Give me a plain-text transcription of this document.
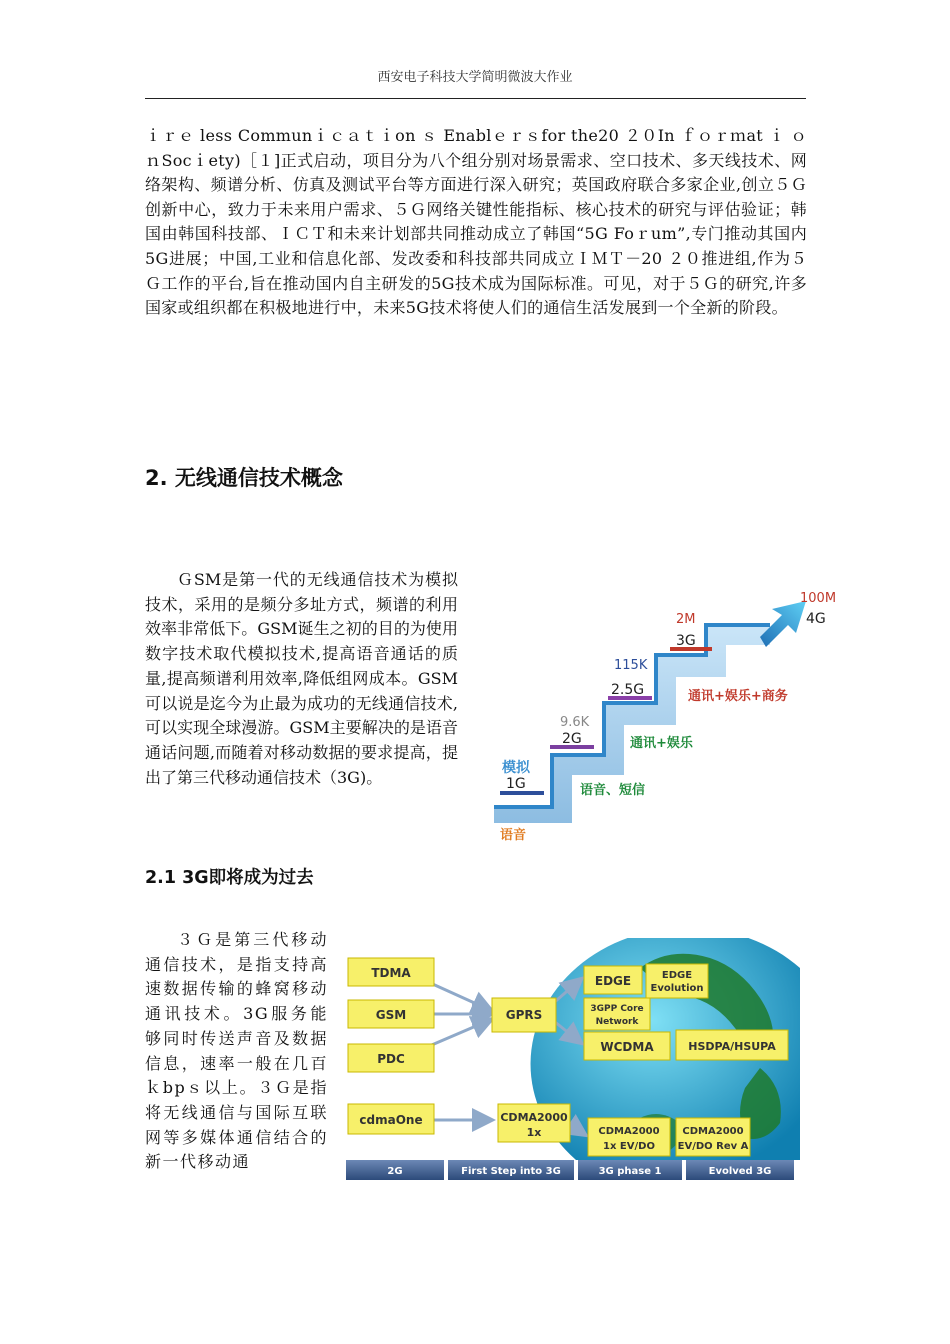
西安电子科技大学简明微波大作业

ｉｒｅ less Communｉｃａｔｉon ｓ Enablｅｒｓfor the20 ２０In ｆｏｒｍat ｉ ｏｎSocｉety)［１]正式启动，项目分为八个组分别对场景需求、空口技术、多天线技术、网络架构、频谱分析、仿真及测试平台等方面进行深入研究；英国政府联合多家企业,创立５Ｇ创新中心，致力于未来用户需求、５Ｇ网络关键性能指标、核心技术的研究与评估验证；韩国由韩国科技部、ＩＣＴ和未来计划部共同推动成立了韩国“5G Foｒum”,专门推动其国内5G进展；中国,工业和信息化部、发改委和科技部共同成立ＩＭＴ－20 ２０推进组,作为５Ｇ工作的平台,旨在推动国内自主研发的5G技术成为国际标准。可见，对于５Ｇ的研究,许多国家或组织都在积极地进行中，未来5G技术将使人们的通信生活发展到一个全新的阶段。

2. 无线通信技术概念

ＧSM是第一代的无线通信技术为模拟技术，采用的是频分多址方式，频谱的利用效率非常低下。GSM诞生之初的目的为使用数字技术取代模拟技术,提高语音通话的质量,提高频谱利用效率,降低组网成本。GSM可以说是迄今为止最为成功的无线通信技术,可以实现全球漫游。GSM主要解决的是语音通话问题,而随着对移动数据的要求提高，提出了第三代移动通信技术（3G)。	1G
2G
2.5G
3G
4G
模拟
9.6K
115K
2M
100M
语音
语音、短信
通讯+娱乐
通讯+娱乐+商务
2.1 3G即将成为过去

３Ｇ是第三代移动通信技术，是指支持高速数据传输的蜂窝移动通讯技术。3G服务能够同时传送声音及数据信息，速率一般在几百ｋbpｓ以上。３Ｇ是指将无线通信与国际互联网等多媒体通信结合的新一代移动通

TDMA
GSM
PDC
cdmaOne
GPRS
CDMA2000
1x
EDGE	EDGE
Evolution
3GPP Core
Network
WCDMA	HSDPA/HSUPA
CDMA2000
1x EV/DO
CDMA2000
EV/DO Rev A
2G	First Step into 3G	3G phase 1	Evolved 3G
